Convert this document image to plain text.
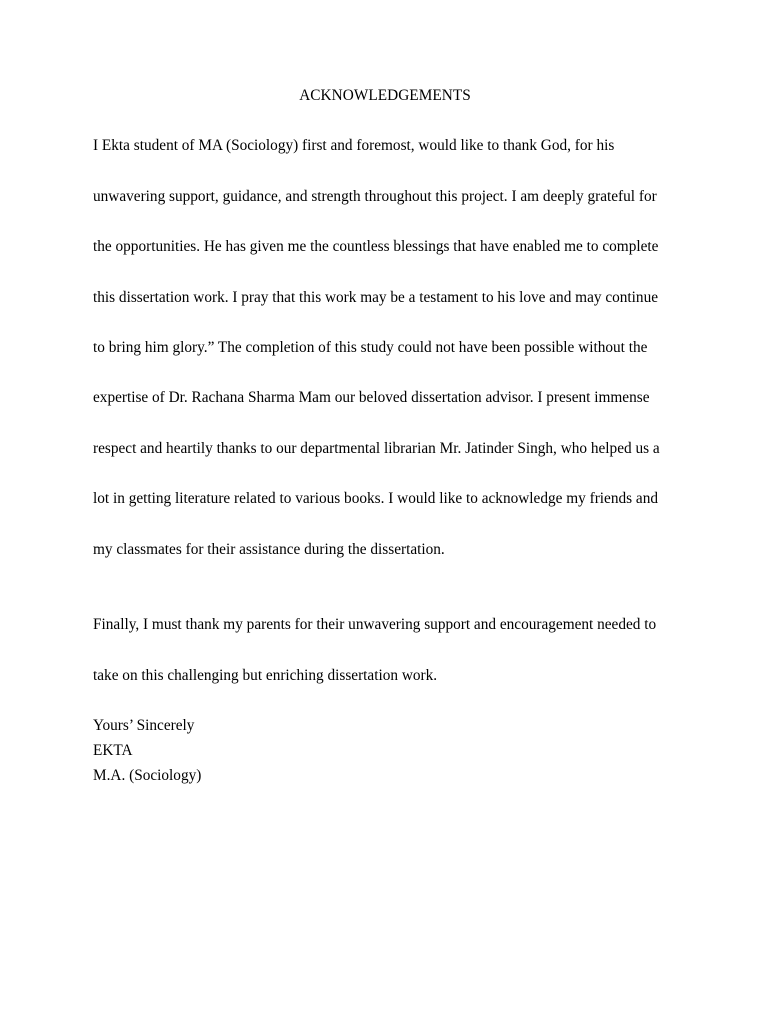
ACKNOWLEDGEMENTS

I Ekta student of MA (Sociology) first and foremost, would like to thank God, for his

unwavering support, guidance, and strength throughout this project. I am deeply grateful for

the opportunities. He has given me the countless blessings that have enabled me to complete

this dissertation work. I pray that this work may be a testament to his love and may continue

to bring him glory.” The completion of this study could not have been possible without the

expertise of Dr. Rachana Sharma Mam our beloved dissertation advisor. I present immense

respect and heartily thanks to our departmental librarian Mr. Jatinder Singh, who helped us a

lot in getting literature related to various books. I would like to acknowledge my friends and

my classmates for their assistance during the dissertation.

Finally, I must thank my parents for their unwavering support and encouragement needed to

take on this challenging but enriching dissertation work.

Yours’ Sincerely
EKTA
M.A. (Sociology)
